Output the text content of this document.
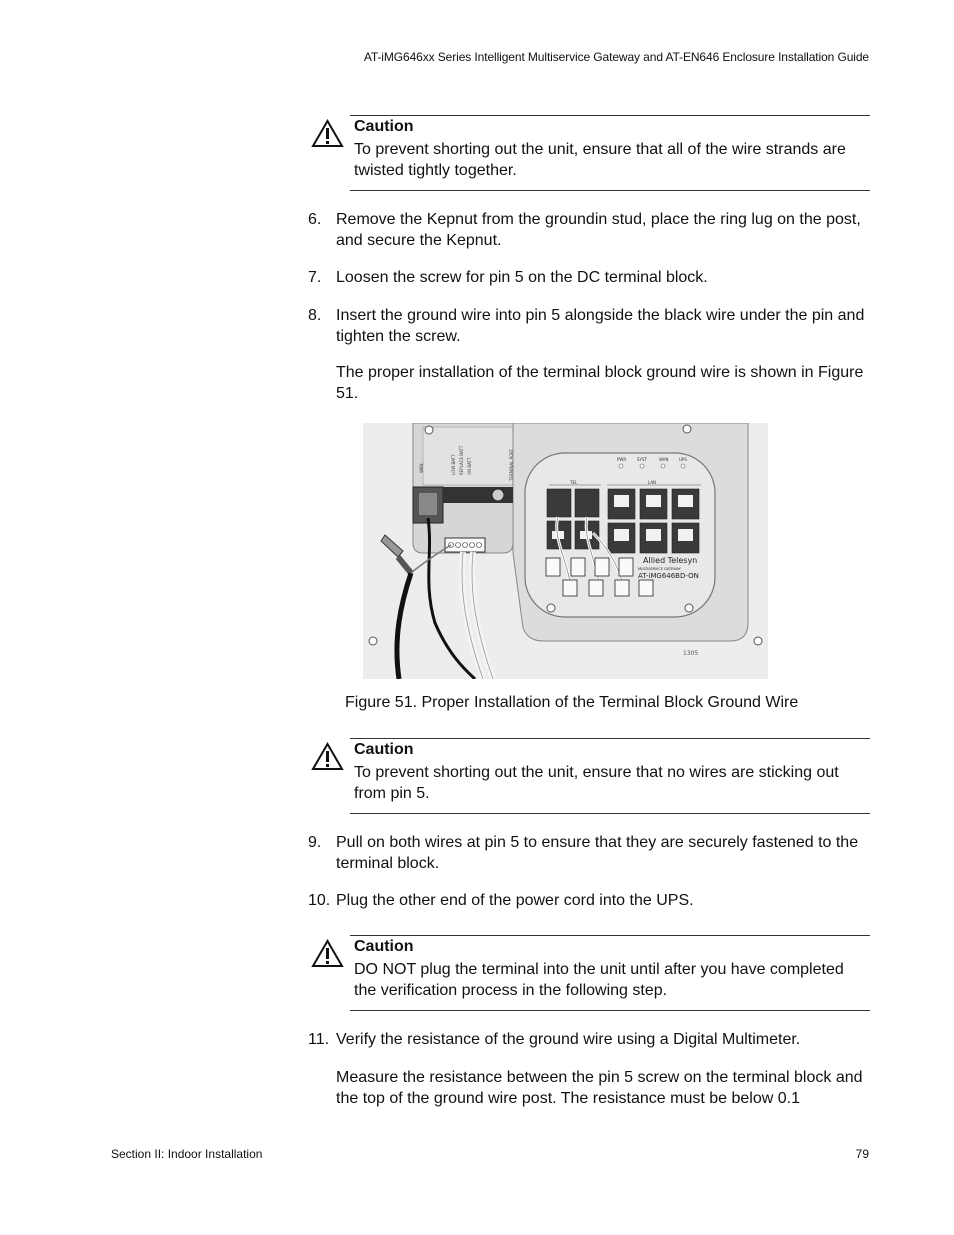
AT-iMG646xx Series Intelligent Multiservice Gateway and AT-EN646 Enclosure Installation Guide
Caution
To prevent shorting out the unit, ensure that all of the wire strands are twisted tightly together.
6. Remove the Kepnut from the groundin stud, place the ring lug on the post, and secure the Kepnut.
7. Loosen the screw for pin 5 on the DC terminal block.
8. Insert the ground wire into pin 5 alongside the black wire under the pin and tighten the screw.
The proper installation of the terminal block ground wire is shown in Figure 51.
WAN	LOW BATT REPLACE BATT ON BATT	TERMINAL PORT	PWR	SYST	WAN	UPS
TEL	LAN
Allied Telesyn
MULTISERVICE GATEWAY
AT-iMG646BD-ON
1305
Figure 51. Proper Installation of the Terminal Block Ground Wire
Caution
To prevent shorting out the unit, ensure that no wires are sticking out from pin 5.
9. Pull on both wires at pin 5 to ensure that they are securely fastened to the terminal block.
10. Plug the other end of the power cord into the UPS.
Caution
DO NOT plug the terminal into the unit until after you have completed the verification process in the following step.
11. Verify the resistance of the ground wire using a Digital Multimeter.
Measure the resistance between the pin 5 screw on the terminal block and the top of the ground wire post. The resistance must be below 0.1
Section II: Indoor Installation	79
